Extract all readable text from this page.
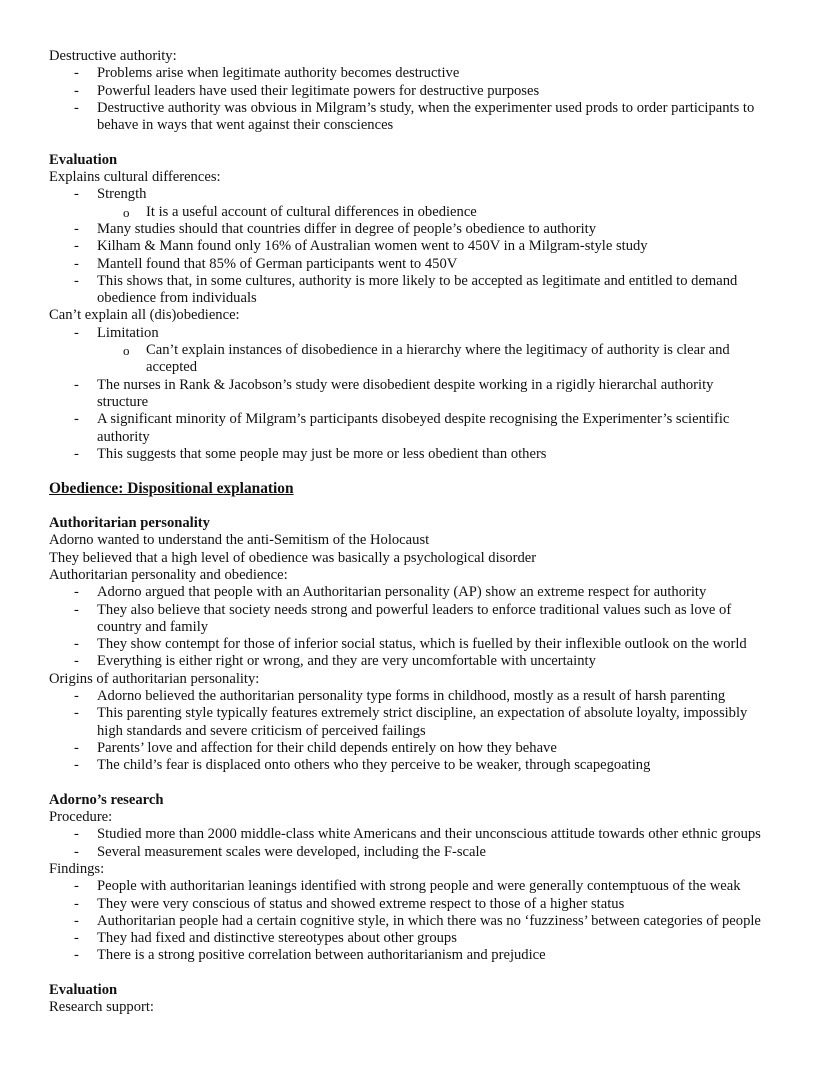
Destructive authority:
- Problems arise when legitimate authority becomes destructive
- Powerful leaders have used their legitimate powers for destructive purposes
- Destructive authority was obvious in Milgram’s study, when the experimenter used prods to order participants to
behave in ways that went against their consciences
Evaluation
Explains cultural differences:
- Strength
o It is a useful account of cultural differences in obedience
- Many studies should that countries differ in degree of people’s obedience to authority
- Kilham & Mann found only 16% of Australian women went to 450V in a Milgram-style study
- Mantell found that 85% of German participants went to 450V
- This shows that, in some cultures, authority is more likely to be accepted as legitimate and entitled to demand
obedience from individuals
Can’t explain all (dis)obedience:
- Limitation
o Can’t explain instances of disobedience in a hierarchy where the legitimacy of authority is clear and
accepted
- The nurses in Rank & Jacobson’s study were disobedient despite working in a rigidly hierarchal authority
structure
- A significant minority of Milgram’s participants disobeyed despite recognising the Experimenter’s scientific
authority
- This suggests that some people may just be more or less obedient than others
Obedience: Dispositional explanation
Authoritarian personality
Adorno wanted to understand the anti-Semitism of the Holocaust
They believed that a high level of obedience was basically a psychological disorder
Authoritarian personality and obedience:
- Adorno argued that people with an Authoritarian personality (AP) show an extreme respect for authority
- They also believe that society needs strong and powerful leaders to enforce traditional values such as love of
country and family
- They show contempt for those of inferior social status, which is fuelled by their inflexible outlook on the world
- Everything is either right or wrong, and they are very uncomfortable with uncertainty
Origins of authoritarian personality:
- Adorno believed the authoritarian personality type forms in childhood, mostly as a result of harsh parenting
- This parenting style typically features extremely strict discipline, an expectation of absolute loyalty, impossibly
high standards and severe criticism of perceived failings
- Parents’ love and affection for their child depends entirely on how they behave
- The child’s fear is displaced onto others who they perceive to be weaker, through scapegoating
Adorno’s research
Procedure:
- Studied more than 2000 middle-class white Americans and their unconscious attitude towards other ethnic groups
- Several measurement scales were developed, including the F-scale
Findings:
- People with authoritarian leanings identified with strong people and were generally contemptuous of the weak
- They were very conscious of status and showed extreme respect to those of a higher status
- Authoritarian people had a certain cognitive style, in which there was no ‘fuzziness’ between categories of people
- They had fixed and distinctive stereotypes about other groups
- There is a strong positive correlation between authoritarianism and prejudice
Evaluation
Research support:
